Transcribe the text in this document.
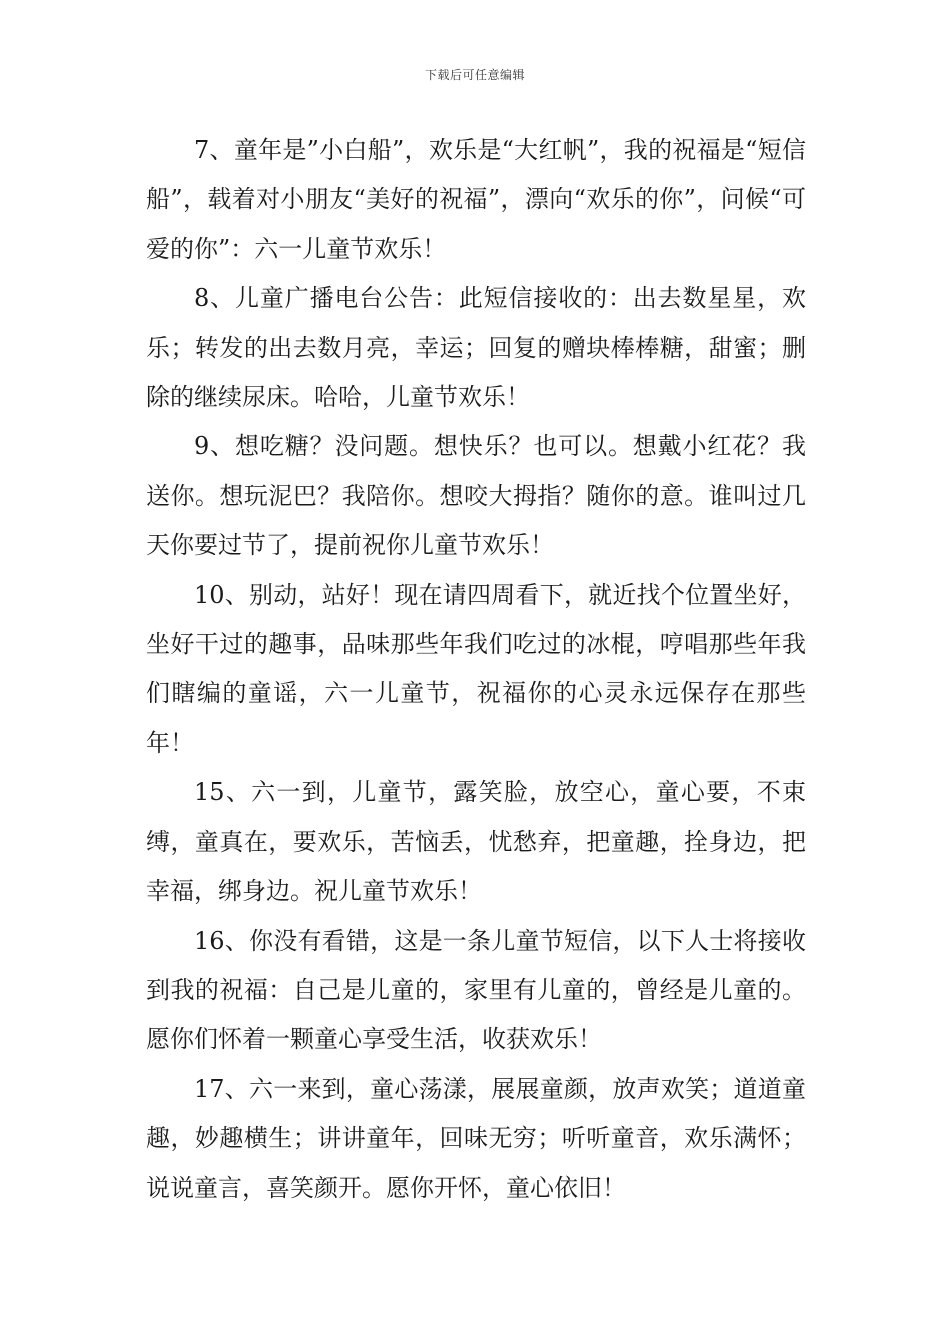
下载后可任意编辑

7、童年是”小白船”，欢乐是“大红帆”，我的祝福是“短信船”，载着对小朋友“美好的祝福”，漂向“欢乐的你”，问候“可爱的你”：六一儿童节欢乐！

8、儿童广播电台公告：此短信接收的：出去数星星，欢乐；转发的出去数月亮，幸运；回复的赠块棒棒糖，甜蜜；删除的继续尿床。哈哈，儿童节欢乐！

9、想吃糖？没问题。想快乐？也可以。想戴小红花？我送你。想玩泥巴？我陪你。想咬大拇指？随你的意。谁叫过几天你要过节了，提前祝你儿童节欢乐！

10、别动，站好！现在请四周看下，就近找个位置坐好，坐好干过的趣事，品味那些年我们吃过的冰棍，哼唱那些年我们瞎编的童谣，六一儿童节，祝福你的心灵永远保存在那些年！

15、六一到，儿童节，露笑脸，放空心，童心要，不束缚，童真在，要欢乐，苦恼丢，忧愁弃，把童趣，拴身边，把幸福，绑身边。祝儿童节欢乐！

16、你没有看错，这是一条儿童节短信，以下人士将接收到我的祝福：自己是儿童的，家里有儿童的，曾经是儿童的。愿你们怀着一颗童心享受生活，收获欢乐！

17、六一来到，童心荡漾，展展童颜，放声欢笑；道道童趣，妙趣横生；讲讲童年，回味无穷；听听童音，欢乐满怀；说说童言，喜笑颜开。愿你开怀，童心依旧！
